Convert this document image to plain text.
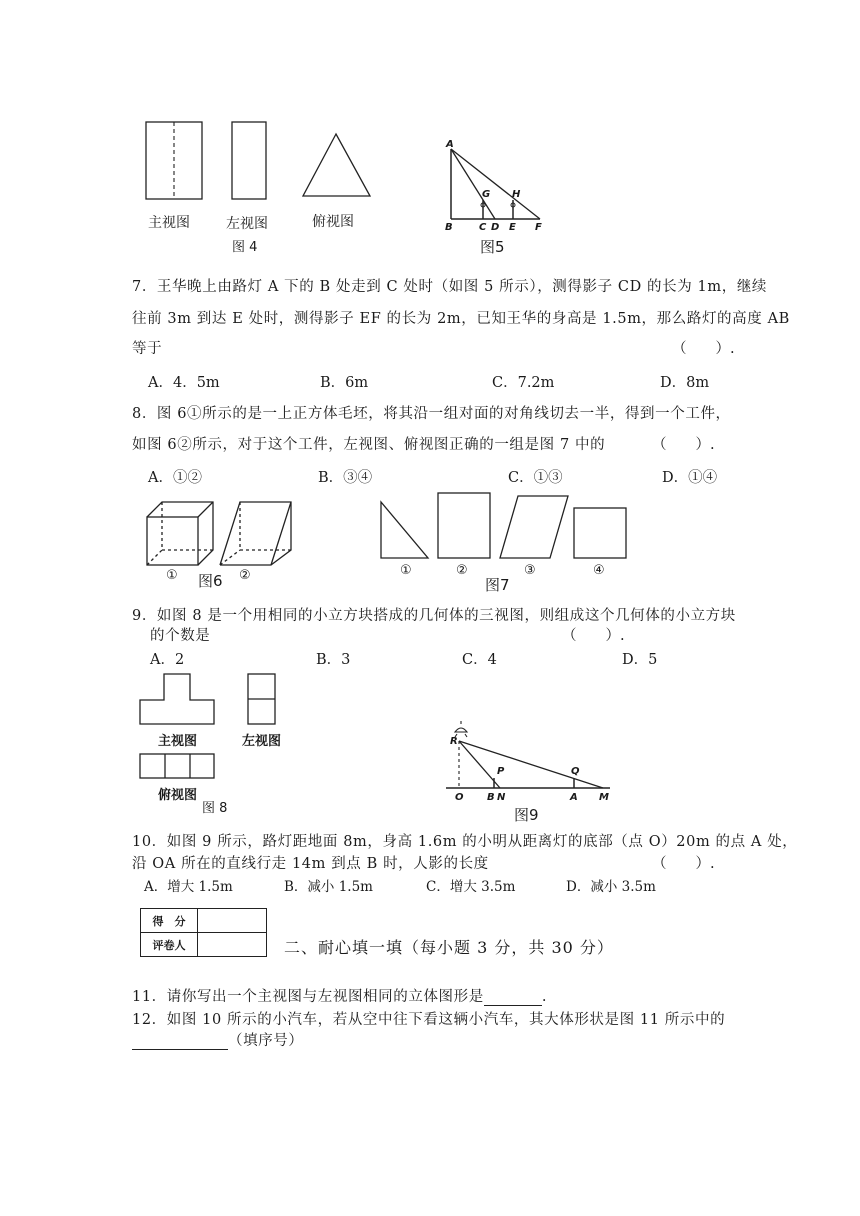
主视图	左视图	俯视图
图 4
A
G H
B	C D E F
图5
7．王华晚上由路灯 A 下的 B 处走到 C 处时（如图 5 所示），测得影子 CD 的长为 1m，继续
往前 3m 到达 E 处时，测得影子 EF 的长为 2m，已知王华的身高是 1.5m，那么路灯的高度 AB
等于	（　　）.
A．4．5m	B．6m	C．7.2m	D．8m
8．图 6①所示的是一上正方体毛坯，将其沿一组对面的对角线切去一半，得到一个工件，
如图 6②所示，对于这个工件，左视图、俯视图正确的一组是图 7 中的	（　　）.
A．①②	B．③④	C．①③	D．①④
① 图6 ②	①	②
图7
③	④
9．如图 8 是一个用相同的小立方块搭成的几何体的三视图，则组成这个几何体的小立方块
的个数是	（　　）.
A．2	B．3	C．4	D．5
主视图	左视图
俯视图
图 8
R
P	Q
O B N	A M
图9
10．如图 9 所示，路灯距地面 8m，身高 1.6m 的小明从距离灯的底部（点 O）20m 的点 A 处，
沿 OA 所在的直线行走 14m 到点 B 时，人影的长度	（　　）.
A．增大 1.5m	B．减小 1.5m	C．增大 3.5m	D．减小 3.5m
得　分	
评卷人		二、耐心填一填（每小题 3 分，共 30 分）
11．请你写出一个主视图与左视图相同的立体图形是	.
12．如图 10 所示的小汽车，若从空中往下看这辆小汽车，其大体形状是图 11 所示中的
（填序号）
